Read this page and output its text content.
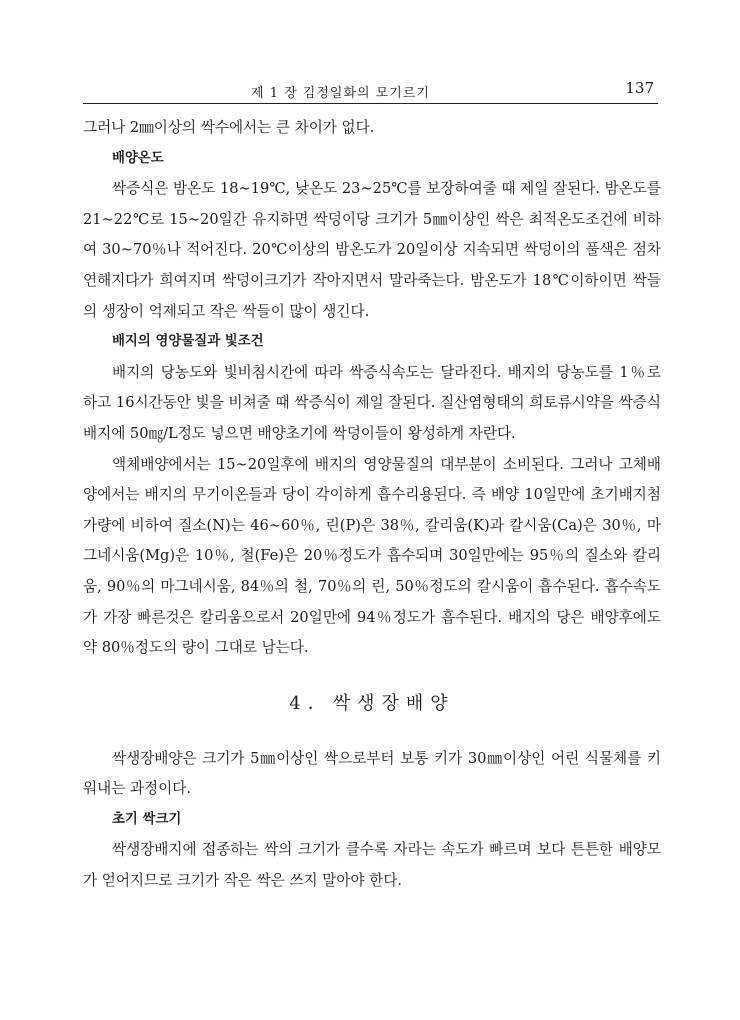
제 1 장 김정일화의 모기르기	137

그러나 2㎜이상의 싹수에서는 큰 차이가 없다.

배양온도

싹증식은 밤온도 18∼19℃, 낮온도 23∼25℃를 보장하여줄 때 제일 잘된다. 밤온도를 21∼22℃로 15∼20일간 유지하면 싹덩이당 크기가 5㎜이상인 싹은 최적온도조건에 비하여 30∼70％나 적어진다. 20℃이상의 밤온도가 20일이상 지속되면 싹덩이의 풀색은 점차 연해지다가 희여지며 싹덩이크기가 작아지면서 말라죽는다. 밤온도가 18℃이하이면 싹들의 생장이 억제되고 작은 싹들이 많이 생긴다.

배지의 영양물질과 빛조건

배지의 당농도와 빛비침시간에 따라 싹증식속도는 달라진다. 배지의 당농도를 1％로 하고 16시간동안 빛을 비쳐줄 때 싹증식이 제일 잘된다. 질산염형태의 희토류시약을 싹증식배지에 50㎎/L정도 넣으면 배양초기에 싹덩이들이 왕성하게 자란다.

액체배양에서는 15∼20일후에 배지의 영양물질의 대부분이 소비된다. 그러나 고체배양에서는 배지의 무기이온들과 당이 각이하게 흡수리용된다. 즉 배양 10일만에 초기배지첨가량에 비하여 질소(N)는 46∼60％, 린(P)은 38％, 칼리움(K)과 칼시움(Ca)은 30％, 마그네시움(Mg)은 10％, 철(Fe)은 20％정도가 흡수되며 30일만에는 95％의 질소와 칼리움, 90％의 마그네시움, 84％의 철, 70％의 린, 50％정도의 칼시움이 흡수된다. 흡수속도가 가장 빠른것은 칼리움으로서 20일만에 94％정도가 흡수된다. 배지의 당은 배양후에도 약 80％정도의 량이 그대로 남는다.

4．싹생장배양

싹생장배양은 크기가 5㎜이상인 싹으로부터 보통 키가 30㎜이상인 어린 식물체를 키워내는 과정이다.

초기 싹크기

싹생장배지에 접종하는 싹의 크기가 클수록 자라는 속도가 빠르며 보다 튼튼한 배양모가 얻어지므로 크기가 작은 싹은 쓰지 말아야 한다.
